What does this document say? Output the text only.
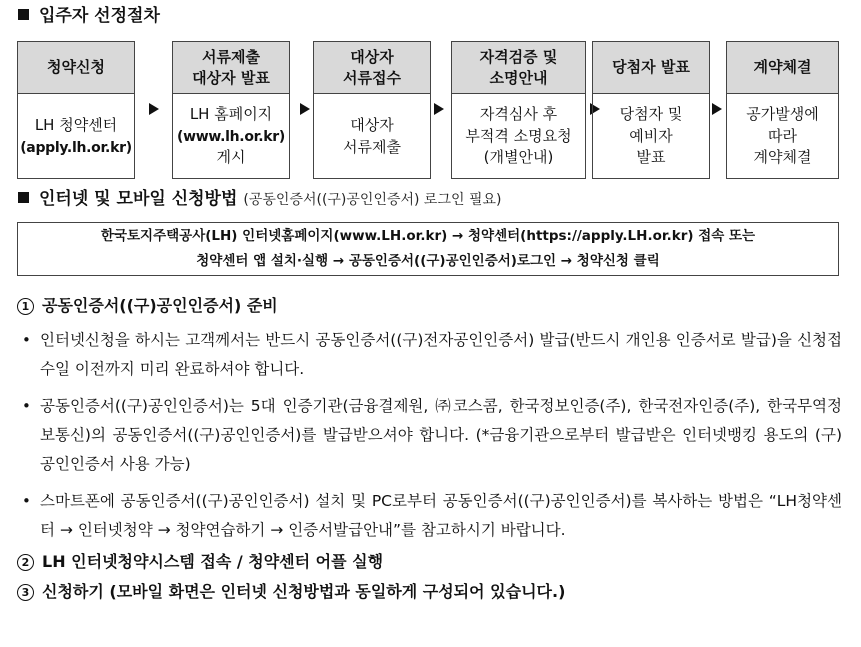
입주자 선정절차
청약신청
LH 청약센터
(apply.lh.or.kr)
서류제출
대상자 발표
LH 홈페이지
(www.lh.or.kr)
게시
대상자
서류접수
대상자
서류제출
자격검증 및
소명안내
자격심사 후
부적격 소명요청
(개별안내)
당첨자 발표
당첨자 및
예비자
발표
계약체결
공가발생에
따라
계약체결
인터넷 및 모바일 신청방법 (공동인증서((구)공인인증서) 로그인 필요)
한국토지주택공사(LH) 인터넷홈페이지(www.LH.or.kr) → 청약센터(https://apply.LH.or.kr) 접속 또는
청약센터 앱 설치·실행 → 공동인증서((구)공인인증서)로그인 → 청약신청 클릭
1 공동인증서((구)공인인증서) 준비
• 인터넷신청을 하시는 고객께서는 반드시 공동인증서((구)전자공인인증서) 발급(반드시 개인용 인증서로 발급)을 신청접수일 이전까지 미리 완료하셔야 합니다.
• 공동인증서((구)공인인증서)는 5대 인증기관(금융결제원, ㈜코스콤, 한국정보인증(주), 한국전자인증(주), 한국무역정보통신)의 공동인증서((구)공인인증서)를 발급받으셔야 합니다. (*금융기관으로부터 발급받은 인터넷뱅킹 용도의 (구)공인인증서 사용 가능)
• 스마트폰에 공동인증서((구)공인인증서) 설치 및 PC로부터 공동인증서((구)공인인증서)를 복사하는 방법은 “LH청약센터 → 인터넷청약 → 청약연습하기 → 인증서발급안내”를 참고하시기 바랍니다.
2 LH 인터넷청약시스템 접속 / 청약센터 어플 실행
3 신청하기 (모바일 화면은 인터넷 신청방법과 동일하게 구성되어 있습니다.)
